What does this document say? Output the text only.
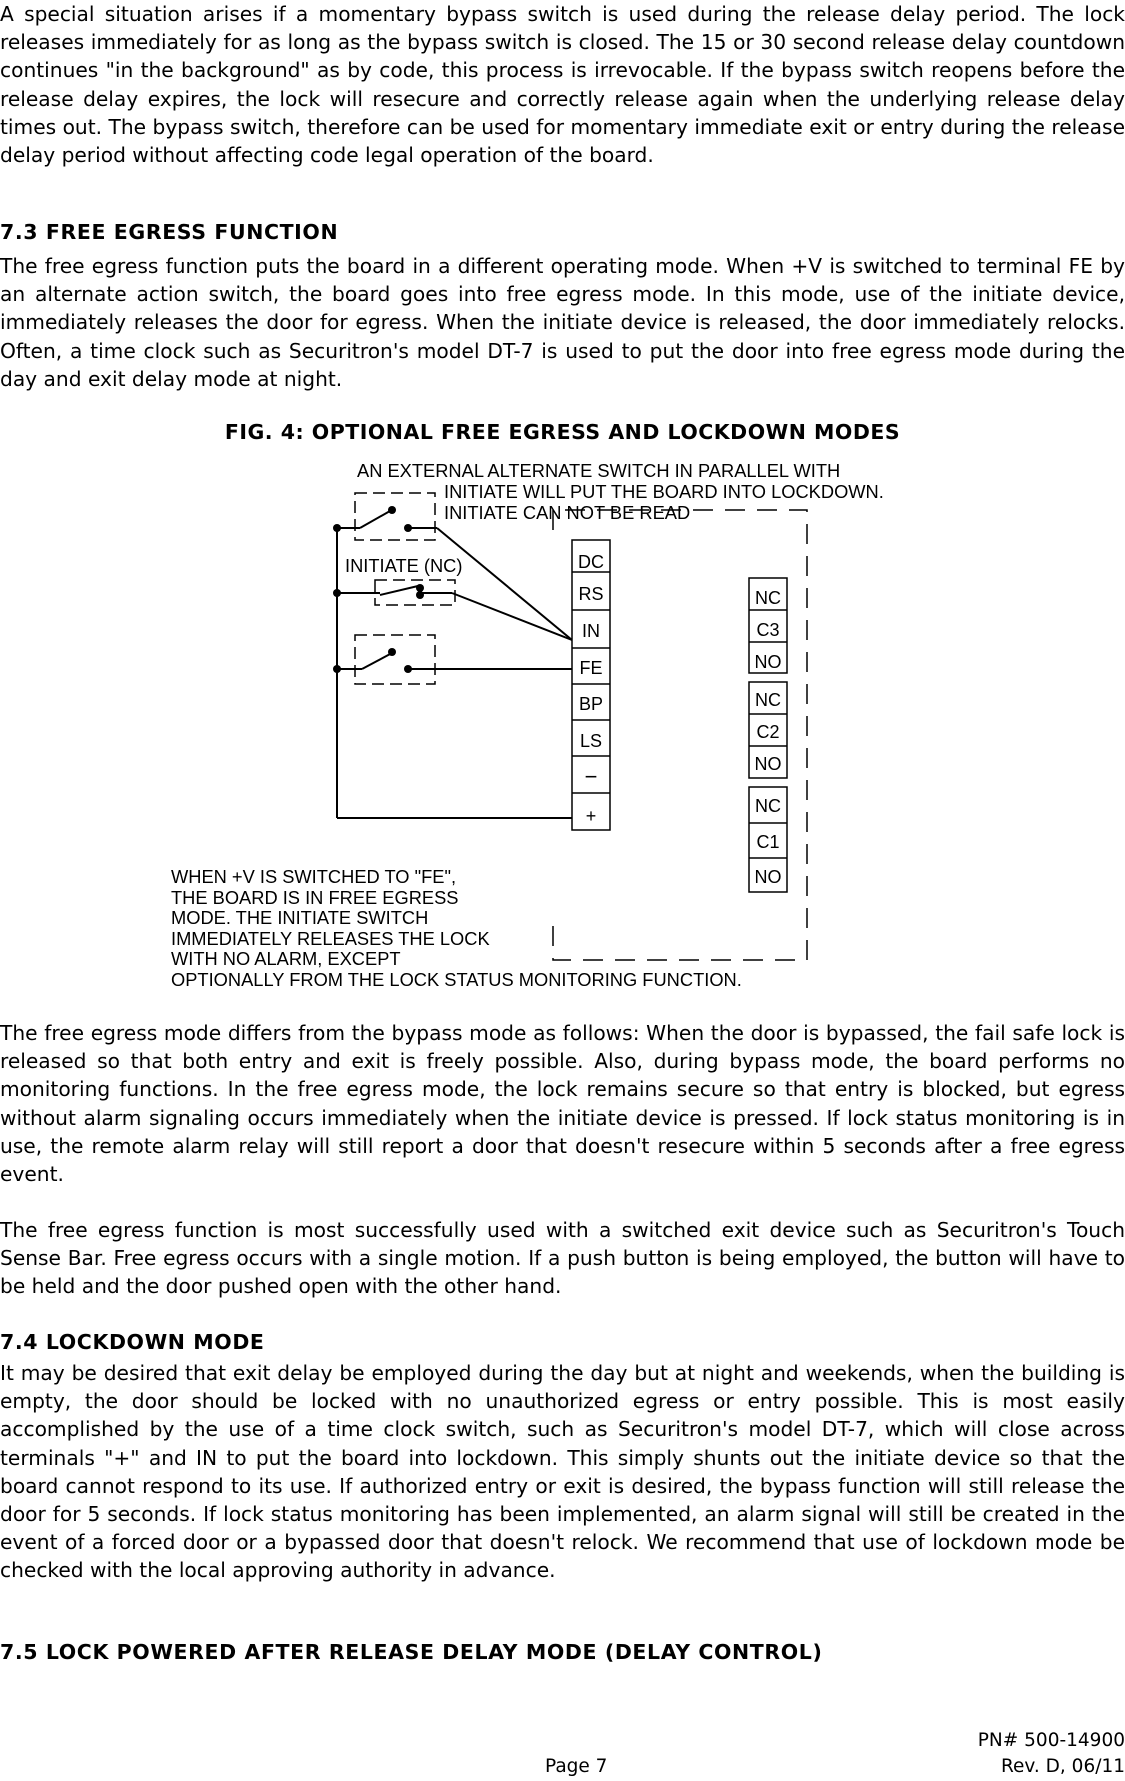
A special situation arises if a momentary bypass switch is used during the release delay period. The lock releases immediately for as long as the bypass switch is closed. The 15 or 30 second release delay countdown continues "in the background" as by code, this process is irrevocable. If the bypass switch reopens before the release delay expires, the lock will resecure and correctly release again when the underlying release delay times out. The bypass switch, therefore can be used for momentary immediate exit or entry during the release delay period without affecting code legal operation of the board.

7.3 FREE EGRESS FUNCTION

The free egress function puts the board in a different operating mode. When +V is switched to terminal FE by an alternate action switch, the board goes into free egress mode. In this mode, use of the initiate device, immediately releases the door for egress. When the initiate device is released, the door immediately relocks. Often, a time clock such as Securitron's model DT-7 is used to put the door into free egress mode during the day and exit delay mode at night.

FIG. 4: OPTIONAL FREE EGRESS AND LOCKDOWN MODES
DC
RS
IN
FE
BP
LS
−
+
NC
C3
NO
NC
C2
NO
NC
C1
NO
AN EXTERNAL ALTERNATE SWITCH IN PARALLEL WITH
INITIATE WILL PUT THE BOARD INTO LOCKDOWN.
INITIATE CAN NOT BE READ
INITIATE (NC)
WHEN +V IS SWITCHED TO "FE",
THE BOARD IS IN FREE EGRESS
MODE. THE INITIATE SWITCH
IMMEDIATELY RELEASES THE LOCK
WITH NO ALARM, EXCEPT
OPTIONALLY FROM THE LOCK STATUS MONITORING FUNCTION.

The free egress mode differs from the bypass mode as follows: When the door is bypassed, the fail safe lock is released so that both entry and exit is freely possible. Also, during bypass mode, the board performs no monitoring functions. In the free egress mode, the lock remains secure so that entry is blocked, but egress without alarm signaling occurs immediately when the initiate device is pressed. If lock status monitoring is in use, the remote alarm relay will still report a door that doesn't resecure within 5 seconds after a free egress event.

The free egress function is most successfully used with a switched exit device such as Securitron's Touch Sense Bar. Free egress occurs with a single motion. If a push button is being employed, the button will have to be held and the door pushed open with the other hand.

7.4 LOCKDOWN MODE

It may be desired that exit delay be employed during the day but at night and weekends, when the building is empty, the door should be locked with no unauthorized egress or entry possible. This is most easily accomplished by the use of a time clock switch, such as Securitron's model DT-7, which will close across terminals "+" and IN to put the board into lockdown. This simply shunts out the initiate device so that the board cannot respond to its use. If authorized entry or exit is desired, the bypass function will still release the door for 5 seconds. If lock status monitoring has been implemented, an alarm signal will still be created in the event of a forced door or a bypassed door that doesn't relock. We recommend that use of lockdown mode be checked with the local approving authority in advance.

7.5 LOCK POWERED AFTER RELEASE DELAY MODE (DELAY CONTROL)
Page 7
PN# 500-14900
Rev. D, 06/11
